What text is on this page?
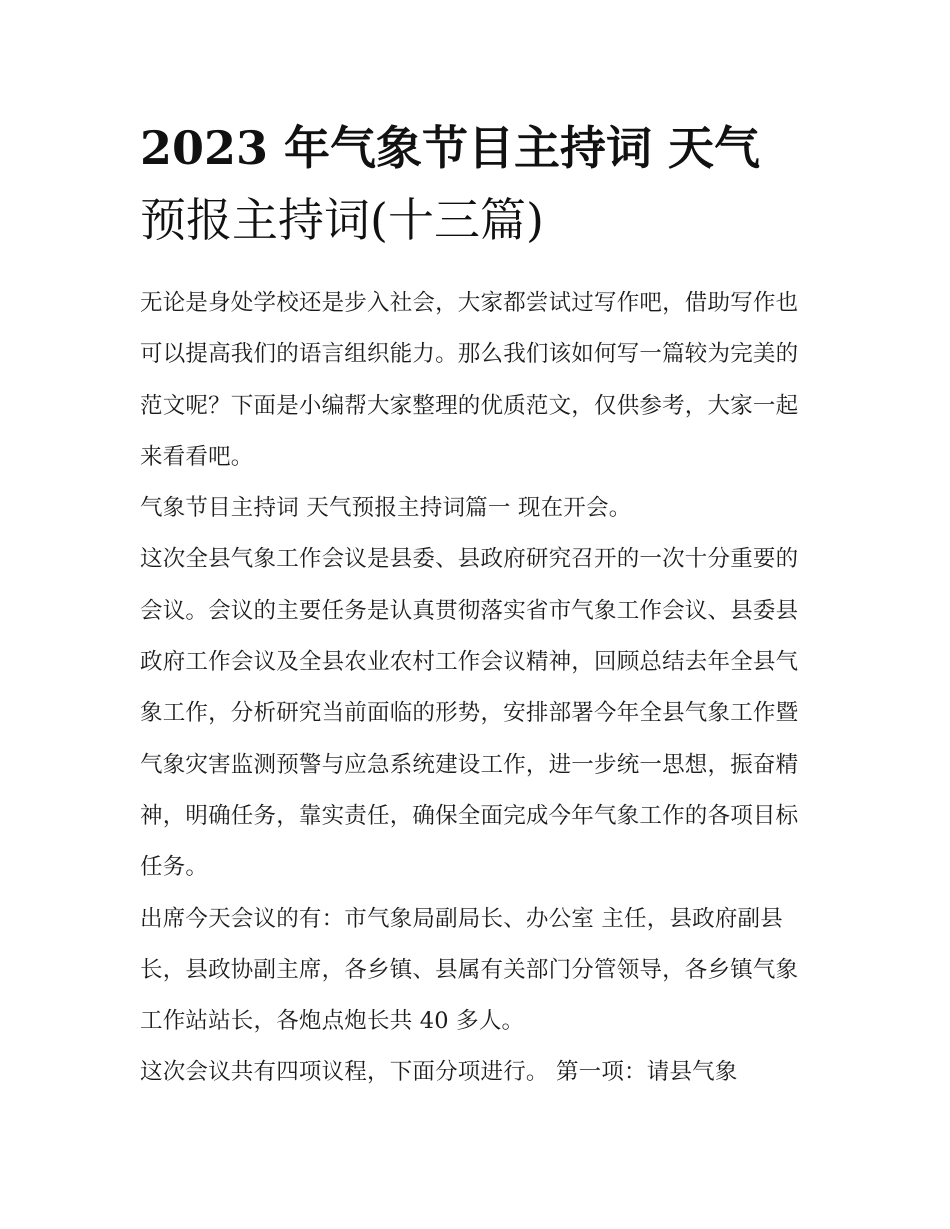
2023 年气象节目主持词 天气
预报主持词(十三篇)

无论是身处学校还是步入社会，大家都尝试过写作吧，借助写作也可以提高我们的语言组织能力。那么我们该如何写一篇较为完美的范文呢？下面是小编帮大家整理的优质范文，仅供参考，大家一起来看看吧。

气象节目主持词 天气预报主持词篇一 现在开会。

这次全县气象工作会议是县委、县政府研究召开的一次十分重要的会议。会议的主要任务是认真贯彻落实省市气象工作会议、县委县政府工作会议及全县农业农村工作会议精神，回顾总结去年全县气象工作，分析研究当前面临的形势，安排部署今年全县气象工作暨气象灾害监测预警与应急系统建设工作，进一步统一思想，振奋精神，明确任务，靠实责任，确保全面完成今年气象工作的各项目标任务。

出席今天会议的有：市气象局副局长、办公室 主任，县政府副县长，县政协副主席，各乡镇、县属有关部门分管领导，各乡镇气象工作站站长，各炮点炮长共 40 多人。

这次会议共有四项议程，下面分项进行。 第一项：请县气象
